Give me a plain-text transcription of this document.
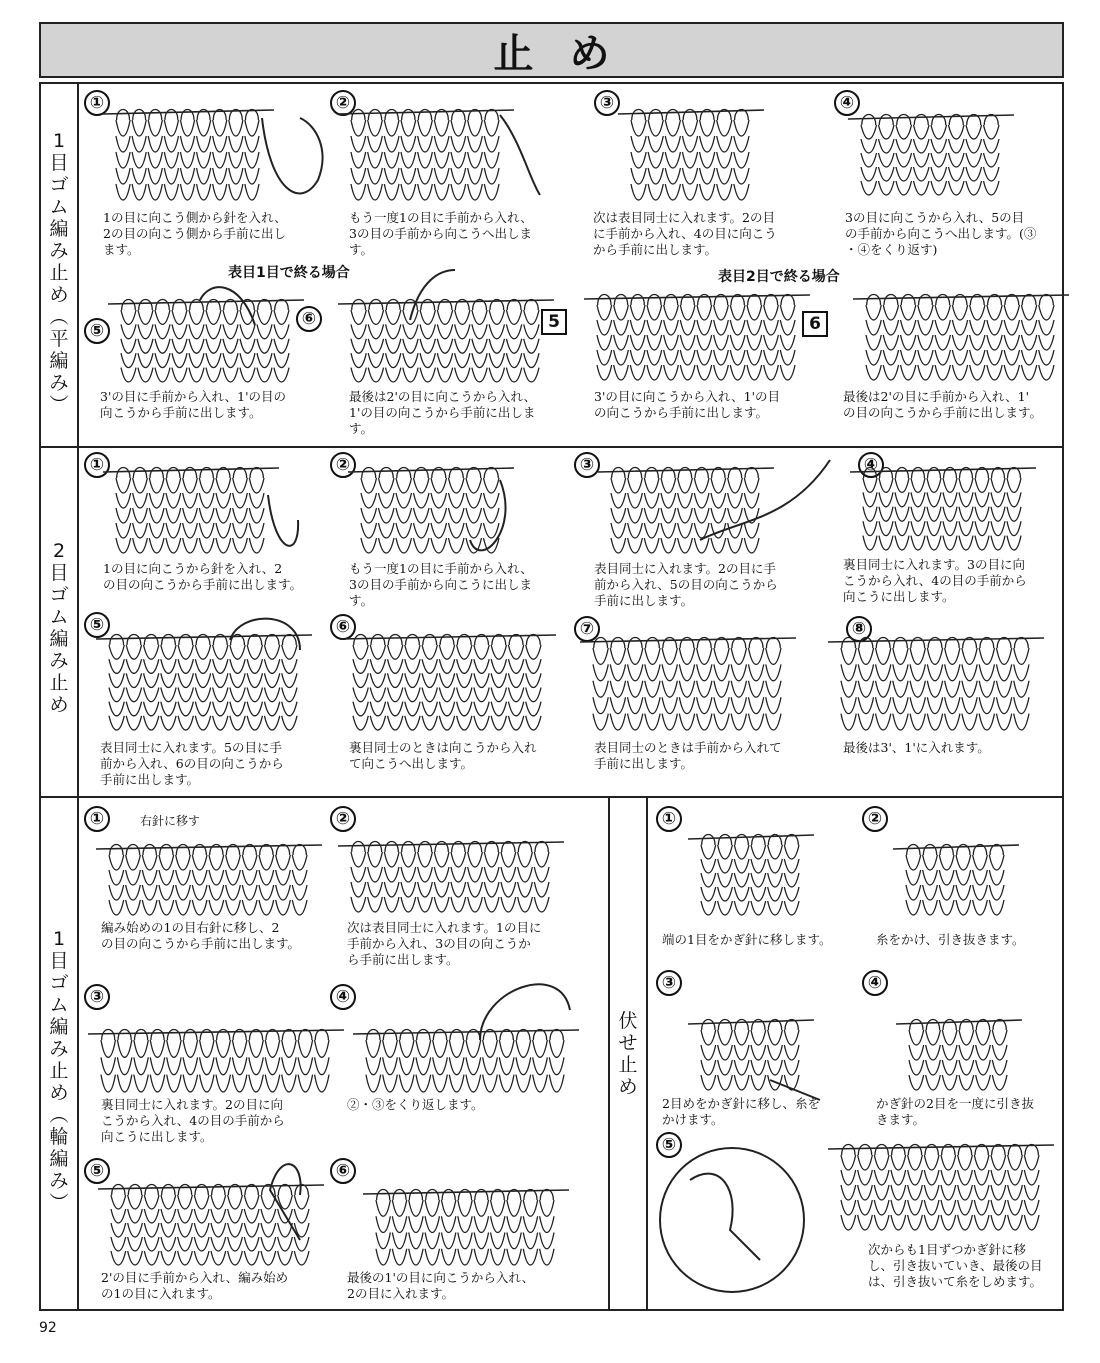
止め
1
目
ゴ
ム
編
み
止
め
︵
平
編
み
︶
2
目
ゴ
ム
編
み
止
め
1
目
ゴ
ム
編
み
止
め
︵
輪
編
み
︶
伏
せ
止
め
表目1目で終る場合	表目2目で終る場合
①	②	③	④
⑤
⑥	5	6
1の目に向こう側から針を入れ、
2の目の向こう側から手前に出し
ます。
もう一度1の目に手前から入れ、
3の目の手前から向こうへ出しま
す。
次は表目同士に入れます。2の目
に手前から入れ、4の目に向こう
から手前に出します。
3の目に向こうから入れ、5の目
の手前から向こうへ出します。(③
・④をくり返す)
3'の目に手前から入れ、1'の目の
向こうから手前に出します。
最後は2'の目に向こうから入れ、
1'の目の向こうから手前に出しま
す。
3'の目に向こうから入れ、1'の目
の向こうから手前に出します。
最後は2'の目に手前から入れ、1'
の目の向こうから手前に出します。
①	②	③	④
⑤	⑥	⑦	⑧
1の目に向こうから針を入れ、2
の目の向こうから手前に出します。
もう一度1の目に手前から入れ、
3の目の手前から向こうに出しま
す。
表目同士に入れます。2の目に手
前から入れ、5の目の向こうから
手前に出します。
裏目同士に入れます。3の目に向
こうから入れ、4の目の手前から
向こうに出します。
表目同士に入れます。5の目に手
前から入れ、6の目の向こうから
手前に出します。
裏目同士のときは向こうから入れ
て向こうへ出します。
表目同士のときは手前から入れて
手前に出します。
最後は3'、1'に入れます。
①	②
③	④
⑤	⑥
右針に移す
編み始めの1の目右針に移し、2
の目の向こうから手前に出します。
次は表目同士に入れます。1の目に
手前から入れ、3の目の向こうか
ら手前に出します。
裏目同士に入れます。2の目に向
こうから入れ、4の目の手前から
向こうに出します。
②・③をくり返します。
2'の目に手前から入れ、編み始め
の1の目に入れます。
最後の1'の目に向こうから入れ、
2の目に入れます。
①	②
③	④
⑤
端の1目をかぎ針に移します。	糸をかけ、引き抜きます。
2目めをかぎ針に移し、糸を
かけます。
かぎ針の2目を一度に引き抜
きます。
次からも1目ずつかぎ針に移
し、引き抜いていき、最後の目
は、引き抜いて糸をしめます。
92
